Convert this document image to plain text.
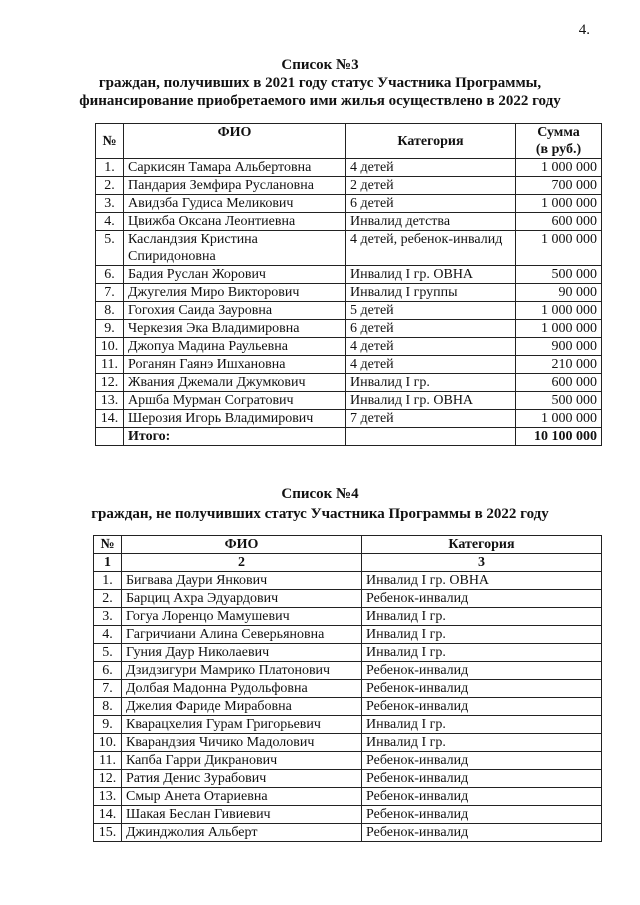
4.
Список №3
граждан, получивших в 2021 году статус Участника Программы,
финансирование приобретаемого ими жилья осуществлено в 2022 году
№	ФИО	Категория	Сумма
(в руб.)

1.	Саркисян Тамара Альбертовна	4 детей	1 000 000
2.	Пандария Земфира Руслановна	2 детей	700 000
3.	Авидзба Гудиса Меликович	6 детей	1 000 000
4.	Цвижба Оксана Леонтиевна	Инвалид детства	600 000
5.	Каслaндзия Кристина Спиридоновна	4 детей, ребенок-инвалид	1 000 000
6.	Бадия Руслан Жорович	Инвалид I гр. ОВНА	500 000
7.	Джугелия Миро Викторович	Инвалид I группы	90 000
8.	Гогохия Саида Зауровна	5 детей	1 000 000
9.	Черкезия Эка Владимировна	6 детей	1 000 000
10.	Джопуа Мадина Раульевна	4 детей	900 000
11.	Роганян Гаянэ Ишхановна	4 детей	210 000
12.	Жвания Джемали Джумкович	Инвалид I гр.	600 000
13.	Аршба Мурман Согратович	Инвалид I гр. ОВНА	500 000
14.	Шерозия Игорь Владимирович	7 детей	1 000 000
	Итого:		10 100 000
Список №4
граждан, не получивших статус Участника Программы в 2022 году
№	ФИО	Категория
1	2	3
1.	Бигвава Даури Янкович	Инвалид I гр. ОВНА
2.	Барциц Ахра Эдуардович	Ребенок-инвалид
3.	Гогуа Лоренцо Мамушевич	Инвалид I гр.
4.	Гагричиани Алина Северьяновна	Инвалид I гр.
5.	Гуния Даур Николаевич	Инвалид I гр.
6.	Дзидзигури Мамрико Платонович	Ребенок-инвалид
7.	Долбая Мадонна Рудольфовна	Ребенок-инвалид
8.	Джелия Фариде Мирабовна	Ребенок-инвалид
9.	Кварацхелия Гурам Григорьевич	Инвалид I гр.
10.	Кварандзия Чичико Мадолович	Инвалид I гр.
11.	Капба Гарри Дикранович	Ребенок-инвалид
12.	Ратия Денис Зурабович	Ребенок-инвалид
13.	Смыр Анета Отариевна	Ребенок-инвалид
14.	Шакая Беслан Гивиевич	Ребенок-инвалид
15.	Джинджолия Альберт	Ребенок-инвалид
